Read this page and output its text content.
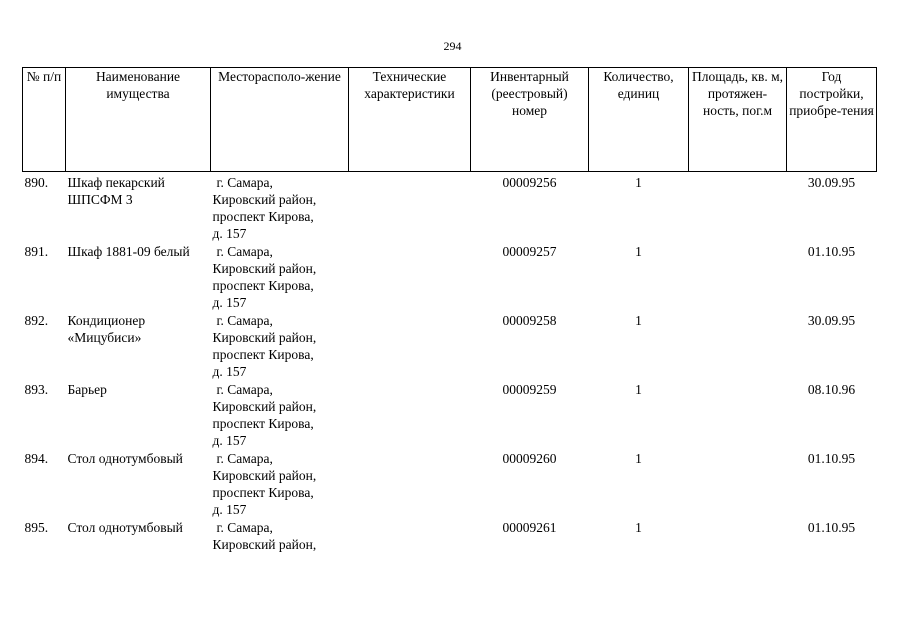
294
№ п/п	Наименование имущества	Месторасполо-жение	Технические характеристики	Инвентарный (реестровый) номер	Количество, единиц	Площадь, кв. м, протяжен-ность, пог.м	Год постройки, приобре-тения
890.	Шкаф пекарский ШПСФМ 3	г. Самара,
Кировский район,
проспект Кирова,
д. 157		00009256	1		30.09.95
891.	Шкаф 1881-09 белый	г. Самара,
Кировский район,
проспект Кирова,
д. 157		00009257	1		01.10.95
892.	Кондиционер «Мицубиси»	г. Самара,
Кировский район,
проспект Кирова,
д. 157		00009258	1		30.09.95
893.	Барьер	г. Самара,
Кировский район,
проспект Кирова,
д. 157		00009259	1		08.10.96
894.	Стол однотумбовый	г. Самара,
Кировский район,
проспект Кирова,
д. 157		00009260	1		01.10.95
895.	Стол однотумбовый	г. Самара,
Кировский район,		00009261	1		01.10.95
